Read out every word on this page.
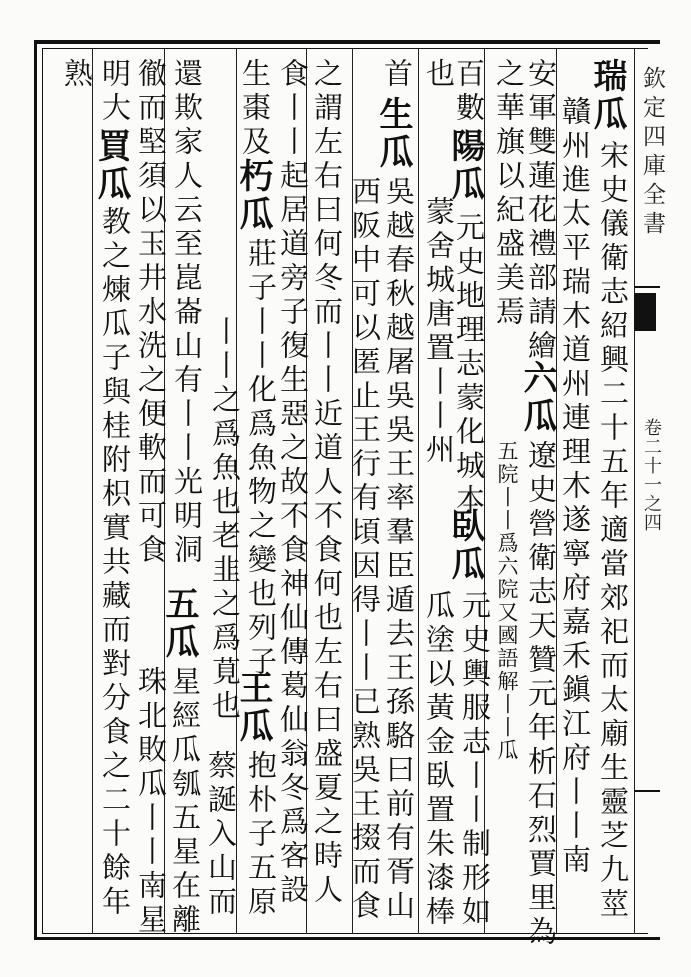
欽定四庫全書
卷二十一之四
瑞瓜
宋史儀衛志紹興二十五年適當郊祀而太廟生靈芝九莖
贛州進太平瑞木道州連理木遂寧府嘉禾鎭江府丨丨南
安軍雙蓮花禮部請繪
六瓜
遼史營衛志天贊元年析石烈賈里為
之華旗以紀盛美焉
五院丨丨爲六院又國語解丨丨瓜
百數
陽瓜
元史地理志蒙化城本
也
蒙舍城唐置丨丨州
臥瓜
元史輿服志丨丨制形如
瓜塗以黃金臥置朱漆棒
首
生瓜
吳越春秋越屠吳吳王率羣臣遁去王孫駱曰前有胥山
西阪中可以匿止王行有頃因得丨丨已熟吳王掇而食
之謂左右曰何冬而丨丨近道人不食何也左右曰盛夏之時人
食丨丨起居道旁子復生惡之故不食神仙傳葛仙翁冬爲客設
生棗及
朽瓜
莊子丨丨化爲魚物之變也列子
王瓜
抱朴子五原
丨丨之爲魚也老韭之爲莧也
蔡誕入山而
還欺家人云至崑崙山有丨丨光明洞
五瓜
星經瓜瓠五星在離
徹而堅須以玉井水洗之便軟而可食
珠北敗瓜丨丨南星
明大
買瓜
教之煉瓜子與桂附枳實共藏而對分食之二十餘年
熟
